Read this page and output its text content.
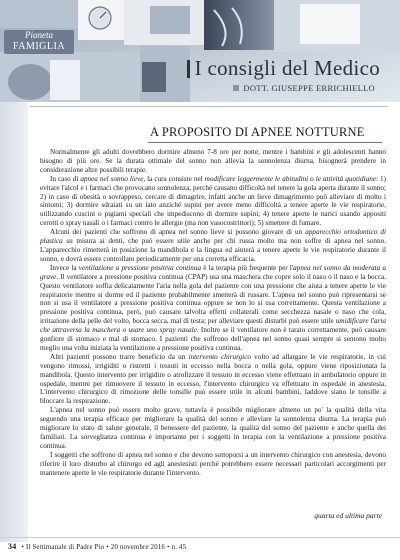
Pianeta
FAMIGLIA
I consigli del Medico
DOTT. GIUSEPPE ERRICHIELLO
A PROPOSITO DI APNEE NOTTURNE

Normalmente gli adulti dovrebbero dormire almeno 7-8 ore per notte, mentre i bambini e gli adolescenti hanno bisogno di più ore. Se la durata ottimale del sonno non allevia la sonnolenza diurna, bisognerà prendere in considerazione altre possibili terapie.

In caso di apnea nel sonno lieve, la cura consiste nel modificare leggermente le abitudini o le attività quotidiane: 1) evitare l'alcol e i farmaci che provocano sonnolenza, perché causano difficoltà nel tenere la gola aperta durante il sonno; 2) in caso di obesità o sovrappeso, cercare di dimagrire, infatti anche un lieve dimagrimento può alleviare di molto i sintomi; 3) dormire sdraiati su un lato anziché supini per avere meno difficoltà a tenere aperte le vie respiratorie, utilizzando cuscini o pigiami speciali che impediscono di dormire supini; 4) tenere aperte le narici usando appositi cerotti o spray nasali o i farmaci contro le allergie (ma non vasocostrittori); 5) smettere di fumare.

Alcuni dei pazienti che soffrono di apnea nel sonno lieve si possono giovare di un apparecchio ortodontico di plastica su misura ai denti, che può essere utile anche per chi russa molto ma non soffre di apnea nel sonno. L'apparecchio rimetterà in posizione la mandibola e la lingua ed aiuterà a tenere aperte le vie respiratorie durante il sonno, e dovrà essere controllato periodicamente per una corretta efficacia.

Invece la ventilazione a pressione positiva continua è la terapia più frequente per l'apnea nel sonno da moderata a grave. Il ventilatore a pressione positiva continua (CPAP) usa una maschera che copre solo il naso o il naso e la bocca. Questo ventilatore soffia delicatamente l'aria nella gola del paziente con una pressione che aiuta a tenere aperte le vie respiratorie mentre si dorme ed il paziente probabilmente smetterà di russare. L'apnea nel sonno può ripresentarsi se non si usa il ventilatore a pressione positiva continua oppure se non lo si usa correttamente. Questa ventilazione a pressione positiva continua, però, può causare talvolta effetti collaterali come secchezza nasale o naso che cola, irritazione della pelle del volto, bocca secca, mal di testa; per alleviare questi disturbi può essere utile umidificare l'aria che attraversa la maschera o usare uno spray nasale. Inoltre se il ventilatore non è tarato correttamente, può causare gonfiore di stomaco e mal di stomaco. I pazienti che soffrono dell'apnea nel sonno quasi sempre si sentono molto meglio una volta iniziata la ventilazione a pressione positiva continua.

Altri pazienti possono trarre beneficio da un intervento chirurgico volto ad allargare le vie respiratorie, in cui vengono rimossi, irrigiditi o ristretti i tessuti in eccesso nella bocca o nella gola, oppure viene riposizionata la mandibola. Questo intervento per irrigidire o atrofizzare il tessuto in eccesso viene effettuato in ambulatorio oppure in ospedale, mentre per rimuovere il tessuto in eccesso, l'intervento chirurgico va effettuato in ospedale in anestesia. L'intervento chirurgico di rimozione delle tonsille può essere utile in alcuni bambini, laddove siano le tonsille a bloccare la respirazione.

L'apnea nel sonno può essere molto grave, tuttavia è possibile migliorare almeno un po' la qualità della vita seguendo una terapia efficace per migliorare la qualità del sonno e alleviare la sonnolenza diurna. La terapia può migliorare lo stato di salute generale, il benessere del paziente, la qualità del sonno del paziente e anche quella dei familiari. La sorveglianza continua è importante per i soggetti in terapia con la ventilazione a pressione positiva continua.

I soggetti che soffrono di apnea nel sonno e che devono sottoporsi a un intervento chirurgico con anestesia, devono riferire il loro disturbo al chirurgo ed agli anestesisti perché potrebbero essere necessari particolari accorgimenti per mantenere aperte le vie respiratorie durante l'intervento.

quarta ed ultima parte
34 • Il Settimanale di Padre Pio • 20 novembre 2016 • n. 45
